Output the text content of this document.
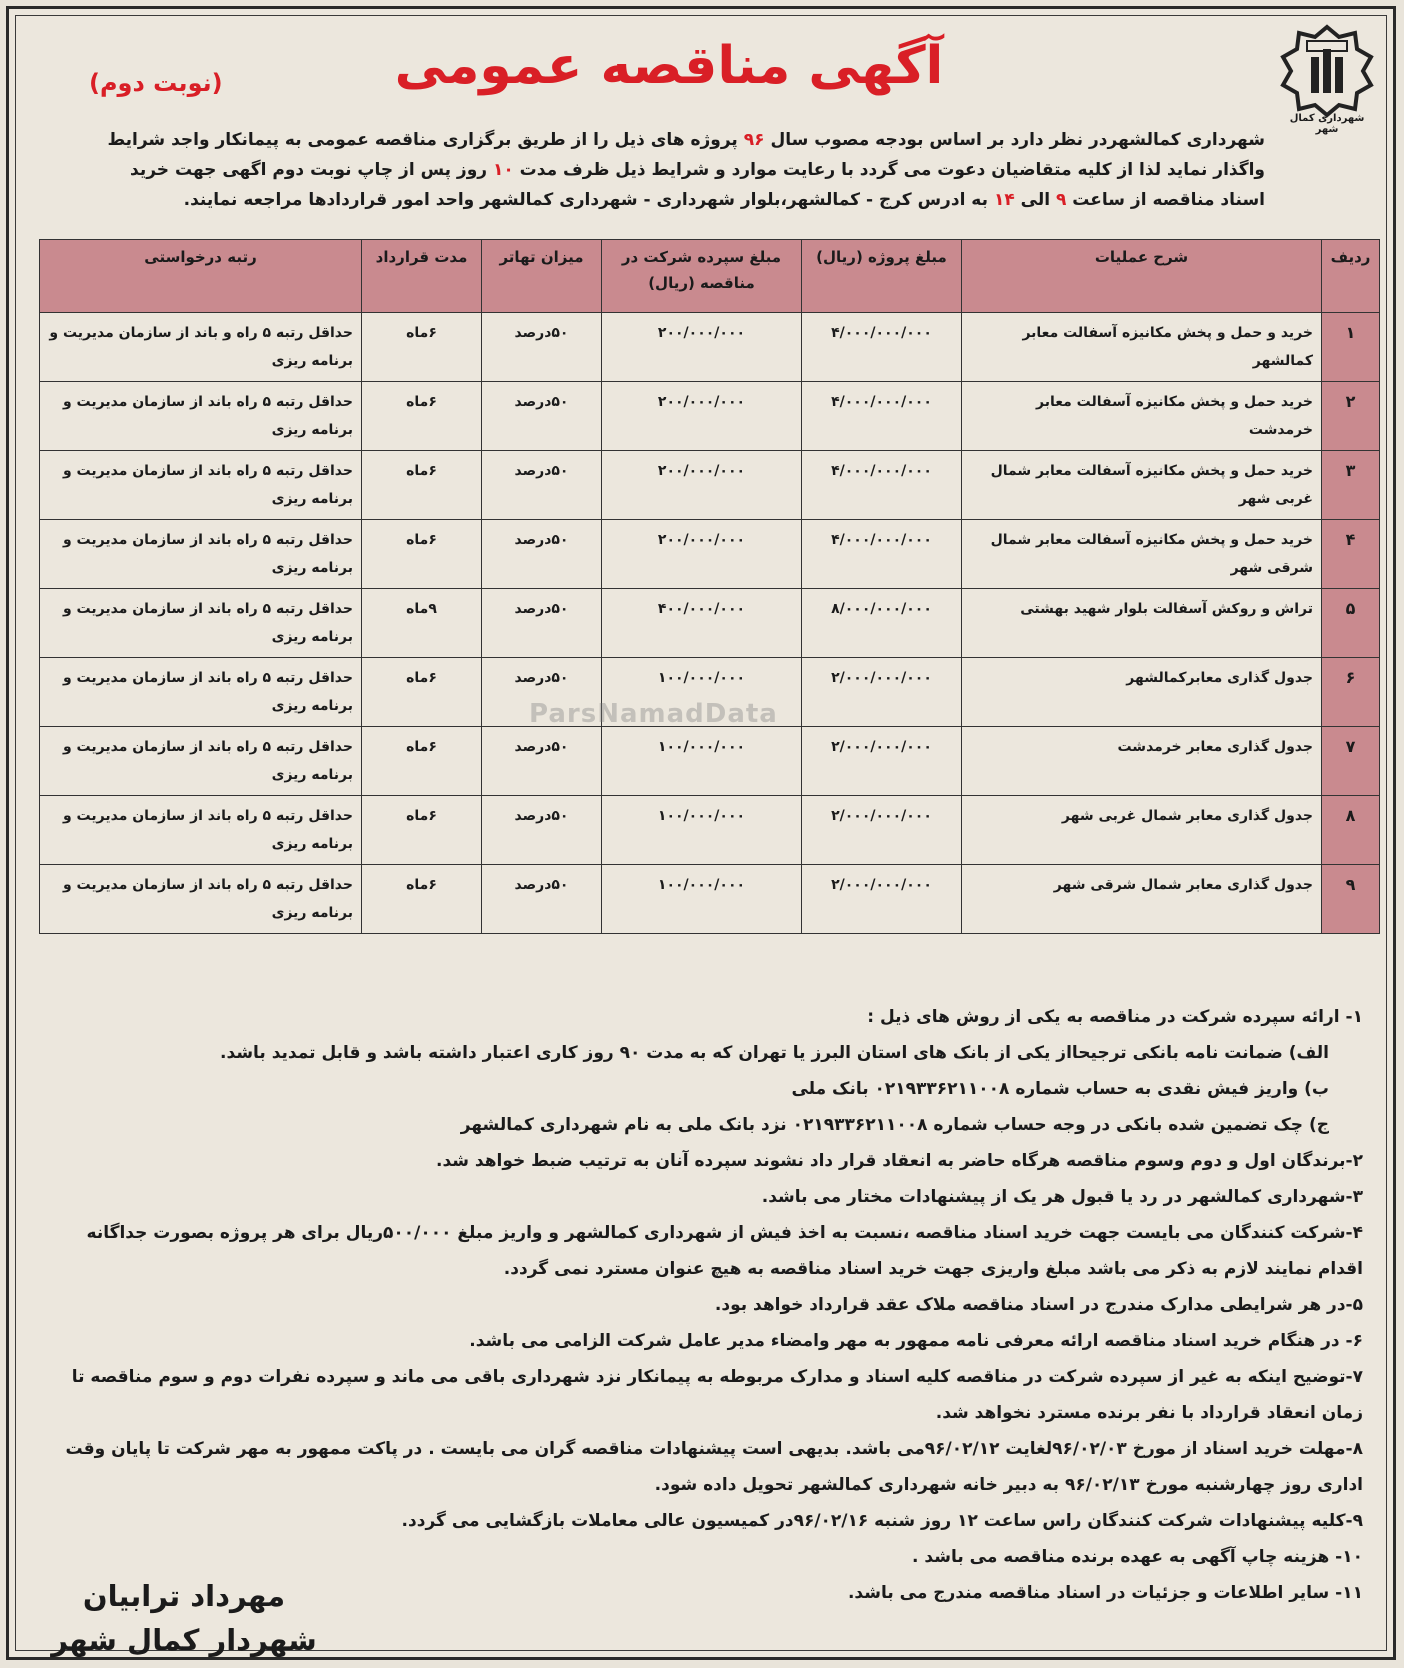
شهرداری کمال شهر
آگهی مناقصه عمومی
(نوبت دوم)

شهرداری کمالشهردر نظر دارد بر اساس بودجه مصوب سال ۹۶ پروژه های ذیل را از طریق برگزاری مناقصه عمومی به پیمانکار واجد شرایط

واگذار نماید لذا از کلیه متقاضیان دعوت می گردد با رعایت موارد و شرایط ذیل ظرف مدت ۱۰ روز پس از چاپ نوبت دوم اگهی جهت خرید

اسناد مناقصه از ساعت ۹ الی ۱۴ به ادرس کرج - کمالشهر،بلوار شهرداری - شهرداری کمالشهر واحد امور قراردادها مراجعه نمایند.

ردیف	شرح عملیات	مبلغ پروژه (ریال)	مبلغ سپرده شرکت در مناقصه (ریال)	میزان تهاتر	مدت قرارداد	رتبه درخواستی
۱	خرید و حمل و پخش مکانیزه آسفالت معابر کمالشهر	۴/۰۰۰/۰۰۰/۰۰۰	۲۰۰/۰۰۰/۰۰۰	۵۰درصد	۶ماه	حداقل رتبه ۵ راه و باند از سازمان مدیریت و برنامه ریزی
۲	خرید حمل و پخش مکانیزه آسفالت معابر خرمدشت	۴/۰۰۰/۰۰۰/۰۰۰	۲۰۰/۰۰۰/۰۰۰	۵۰درصد	۶ماه	حداقل رتبه ۵ راه باند از سازمان مدیریت و برنامه ریزی
۳	خرید حمل و پخش مکانیزه آسفالت معابر شمال غربی شهر	۴/۰۰۰/۰۰۰/۰۰۰	۲۰۰/۰۰۰/۰۰۰	۵۰درصد	۶ماه	حداقل رتبه ۵ راه باند از سازمان مدیریت و برنامه ریزی
۴	خرید حمل و پخش مکانیزه آسفالت معابر شمال شرقی شهر	۴/۰۰۰/۰۰۰/۰۰۰	۲۰۰/۰۰۰/۰۰۰	۵۰درصد	۶ماه	حداقل رتبه ۵ راه باند از سازمان مدیریت و برنامه ریزی
۵	تراش و روکش آسفالت بلوار شهید بهشتی	۸/۰۰۰/۰۰۰/۰۰۰	۴۰۰/۰۰۰/۰۰۰	۵۰درصد	۹ماه	حداقل رتبه ۵ راه باند از سازمان مدیریت و برنامه ریزی
۶	جدول گذاری معابرکمالشهر	۲/۰۰۰/۰۰۰/۰۰۰	۱۰۰/۰۰۰/۰۰۰	۵۰درصد	۶ماه	حداقل رتبه ۵ راه باند از سازمان مدیریت و برنامه ریزی
۷	جدول گذاری معابر خرمدشت	۲/۰۰۰/۰۰۰/۰۰۰	۱۰۰/۰۰۰/۰۰۰	۵۰درصد	۶ماه	حداقل رتبه ۵ راه باند از سازمان مدیریت و برنامه ریزی
۸	جدول گذاری معابر شمال غربی شهر	۲/۰۰۰/۰۰۰/۰۰۰	۱۰۰/۰۰۰/۰۰۰	۵۰درصد	۶ماه	حداقل رتبه ۵ راه باند از سازمان مدیریت و برنامه ریزی
۹	جدول گذاری معابر شمال شرقی شهر	۲/۰۰۰/۰۰۰/۰۰۰	۱۰۰/۰۰۰/۰۰۰	۵۰درصد	۶ماه	حداقل رتبه ۵ راه باند از سازمان مدیریت و برنامه ریزی

۱- ارائه سپرده شرکت در مناقصه به یکی از روش های ذیل :

الف) ضمانت نامه بانکی ترجیحااز یکی از بانک های استان البرز یا تهران که به مدت ۹۰ روز کاری اعتبار داشته باشد و قابل تمدید باشد.

ب) واریز فیش نقدی به حساب شماره ۰۲۱۹۳۳۶۲۱۱۰۰۸ بانک ملی

ج) چک تضمین شده بانکی در وجه حساب شماره ۰۲۱۹۳۳۶۲۱۱۰۰۸ نزد بانک ملی به نام شهرداری کمالشهر

۲-برندگان اول و دوم وسوم مناقصه هرگاه حاضر به انعقاد قرار داد نشوند سپرده آنان به ترتیب ضبط خواهد شد.

۳-شهرداری کمالشهر در رد یا قبول هر یک از پیشنهادات مختار می باشد.

۴-شرکت کنندگان می بایست جهت خرید اسناد مناقصه ،نسبت به اخذ فیش از شهرداری کمالشهر و واریز مبلغ ۵۰۰/۰۰۰ریال برای هر پروژه بصورت جداگانه اقدام نمایند لازم به ذکر می باشد مبلغ واریزی جهت خرید اسناد مناقصه به هیچ عنوان مسترد نمی گردد.

۵-در هر شرایطی مدارک مندرج در اسناد مناقصه ملاک عقد قرارداد خواهد بود.

۶- در هنگام خرید اسناد مناقصه ارائه معرفی نامه ممهور به مهر وامضاء مدیر عامل شرکت الزامی می باشد.

۷-توضیح اینکه به غیر از سپرده شرکت در مناقصه کلیه اسناد و مدارک مربوطه به پیمانکار نزد شهرداری باقی می ماند و سپرده نفرات دوم و سوم مناقصه تا زمان انعقاد قرارداد با نفر برنده مسترد نخواهد شد.

۸-مهلت خرید اسناد از مورخ ۹۶/۰۲/۰۳لغایت ۹۶/۰۲/۱۲می باشد. بدیهی است پیشنهادات مناقصه گران می بایست . در پاکت ممهور به مهر شرکت تا پایان وقت اداری روز چهارشنبه مورخ ۹۶/۰۲/۱۳ به دبیر خانه شهرداری کمالشهر تحویل داده شود.

۹-کلیه پیشنهادات شرکت کنندگان راس ساعت ۱۲ روز شنبه ۹۶/۰۲/۱۶در کمیسیون عالی معاملات بازگشایی می گردد.

۱۰- هزینه چاپ آگهی به عهده برنده مناقصه می باشد .

۱۱- سایر اطلاعات و جزئیات در اسناد مناقصه مندرج می باشد.

مهرداد ترابیان
شهردار کمال شهر
ParsNamadData
